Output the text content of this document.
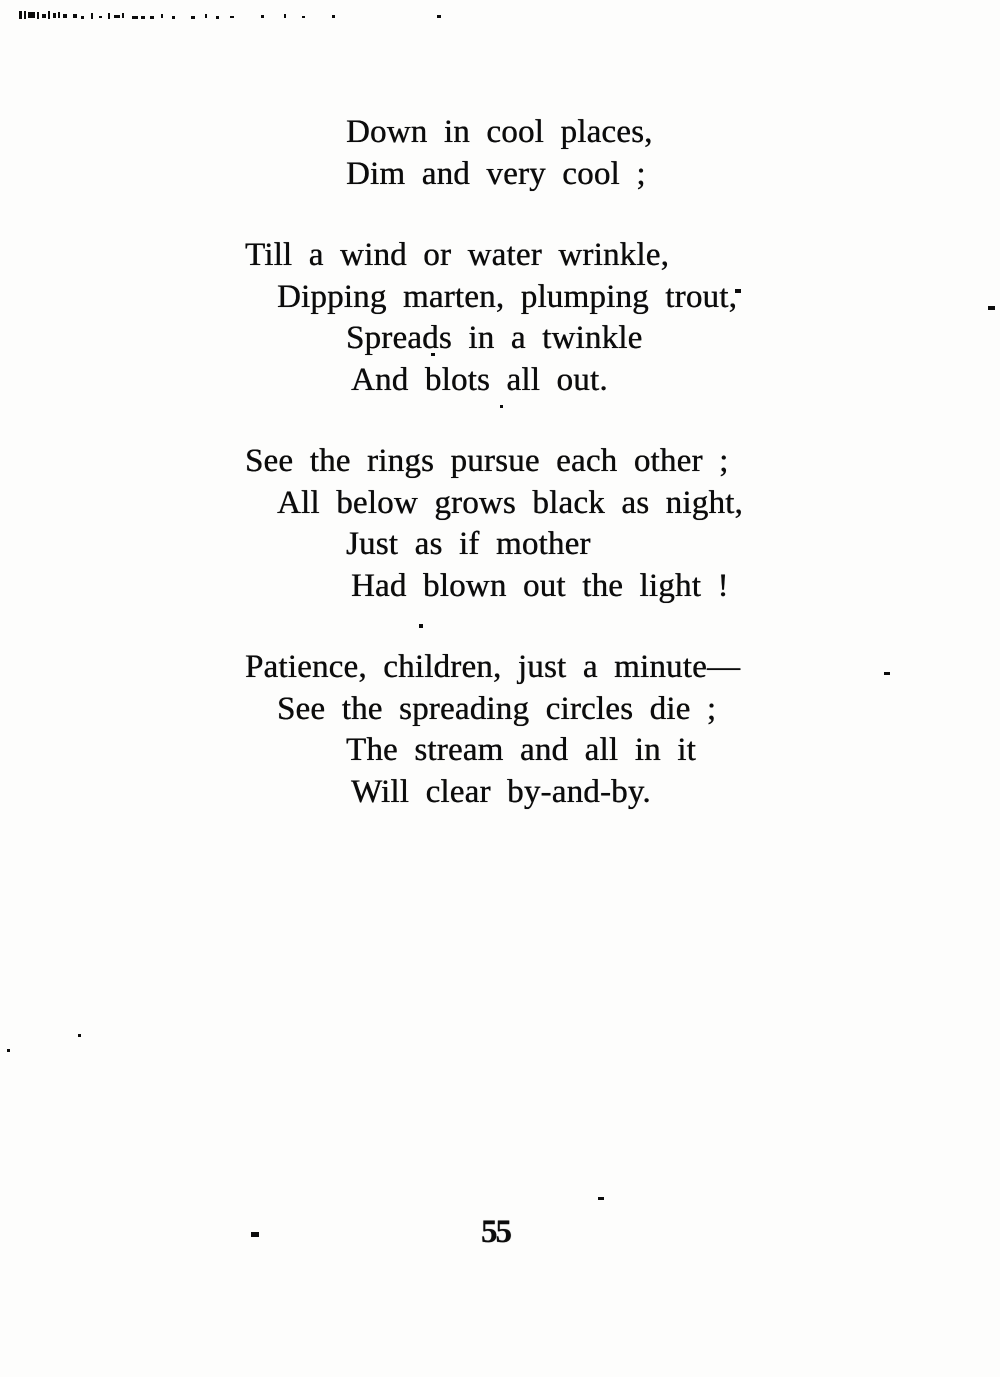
Down in cool places,
Dim and very cool ;
Till a wind or water wrinkle,
Dipping marten, plumping trout,
Spreads in a twinkle
And blots all out.
See the rings pursue each other ;
All below grows black as night,
Just as if mother
Had blown out the light !
Patience, children, just a minute—
See the spreading circles die ;
The stream and all in it
Will clear by-and-by.
55
